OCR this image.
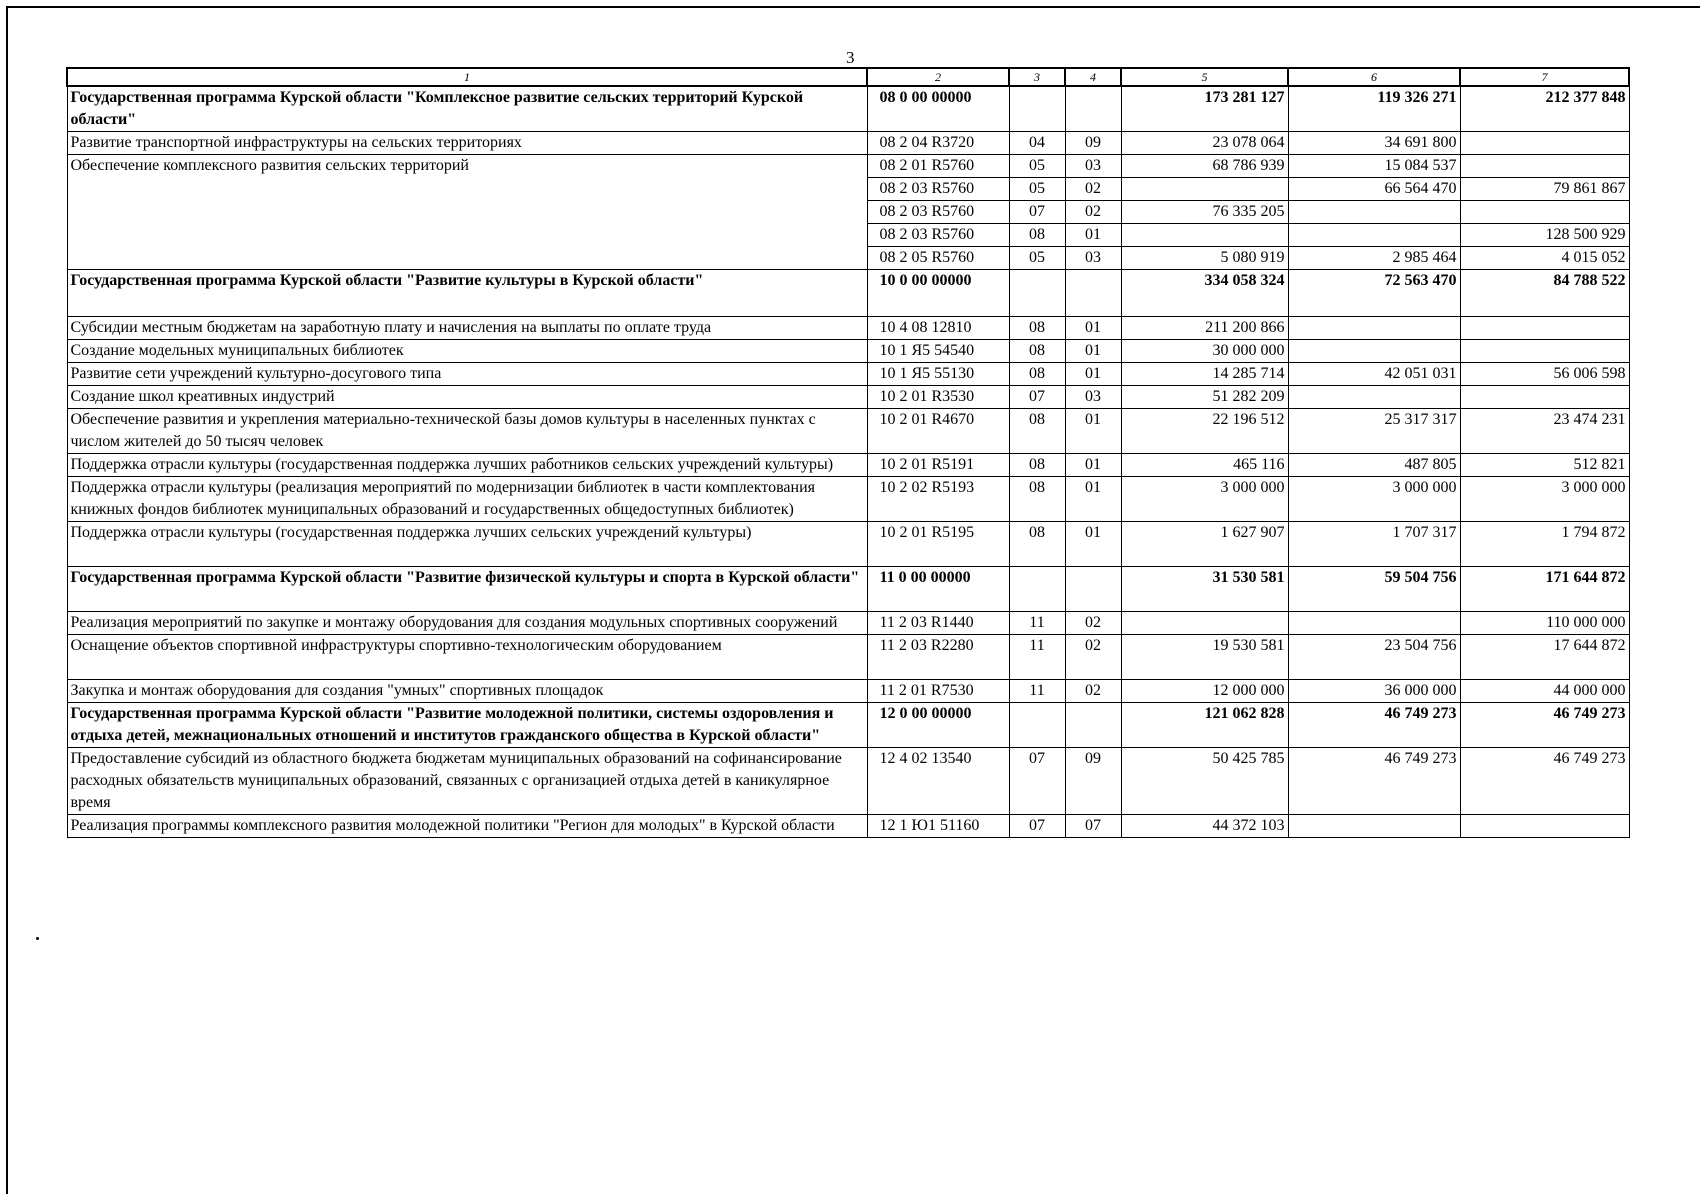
3
1	2	3	4	5	6	7
Государственная программа Курской области "Комплексное развитие сельских территорий Курской области"	08 0 00 00000			173 281 127	119 326 271	212 377 848
Развитие транспортной инфраструктуры на сельских территориях	08 2 04 R3720	04	09	23 078 064	34 691 800	
Обеспечение комплексного развития сельских территорий	08 2 01 R5760	05	03	68 786 939	15 084 537	
	08 2 03 R5760	05	02		66 564 470	79 861 867
	08 2 03 R5760	07	02	76 335 205		
	08 2 03 R5760	08	01			128 500 929
	08 2 05 R5760	05	03	5 080 919	2 985 464	4 015 052
Государственная программа Курской области "Развитие культуры в Курской области"	10 0 00 00000			334 058 324	72 563 470	84 788 522
Субсидии местным бюджетам на заработную плату и начисления на выплаты по оплате труда	10 4 08 12810	08	01	211 200 866		
Создание модельных муниципальных библиотек	10 1 Я5 54540	08	01	30 000 000		
Развитие сети учреждений культурно-досугового типа	10 1 Я5 55130	08	01	14 285 714	42 051 031	56 006 598
Создание школ креативных индустрий	10 2 01 R3530	07	03	51 282 209		
Обеспечение развития и укрепления материально-технической базы домов культуры в населенных пунктах с числом жителей до 50 тысяч человек	10 2 01 R4670	08	01	22 196 512	25 317 317	23 474 231
Поддержка отрасли культуры (государственная поддержка лучших работников сельских учреждений культуры)	10 2 01 R5191	08	01	465 116	487 805	512 821
Поддержка отрасли культуры (реализация мероприятий по модернизации библиотек в части комплектования книжных фондов библиотек муниципальных образований и государственных общедоступных библиотек)	10 2 02 R5193	08	01	3 000 000	3 000 000	3 000 000
Поддержка отрасли культуры (государственная поддержка лучших сельских учреждений культуры)	10 2 01 R5195	08	01	1 627 907	1 707 317	1 794 872
Государственная программа Курской области "Развитие физической культуры и спорта в Курской области"	11 0 00 00000			31 530 581	59 504 756	171 644 872
Реализация мероприятий по закупке и монтажу оборудования для создания модульных спортивных сооружений	11 2 03 R1440	11	02			110 000 000
Оснащение объектов спортивной инфраструктуры спортивно-технологическим оборудованием	11 2 03 R2280	11	02	19 530 581	23 504 756	17 644 872
Закупка и монтаж оборудования для создания "умных" спортивных площадок	11 2 01 R7530	11	02	12 000 000	36 000 000	44 000 000
Государственная программа Курской области "Развитие молодежной политики, системы оздоровления и отдыха детей, межнациональных отношений и институтов гражданского общества в Курской области"	12 0 00 00000			121 062 828	46 749 273	46 749 273
Предоставление субсидий из областного бюджета бюджетам муниципальных образований на софинансирование расходных обязательств муниципальных образований, связанных с организацией отдыха детей в каникулярное время	12 4 02 13540	07	09	50 425 785	46 749 273	46 749 273
Реализация программы комплексного развития молодежной политики "Регион для молодых" в Курской области	12 1 Ю1 51160	07	07	44 372 103		
